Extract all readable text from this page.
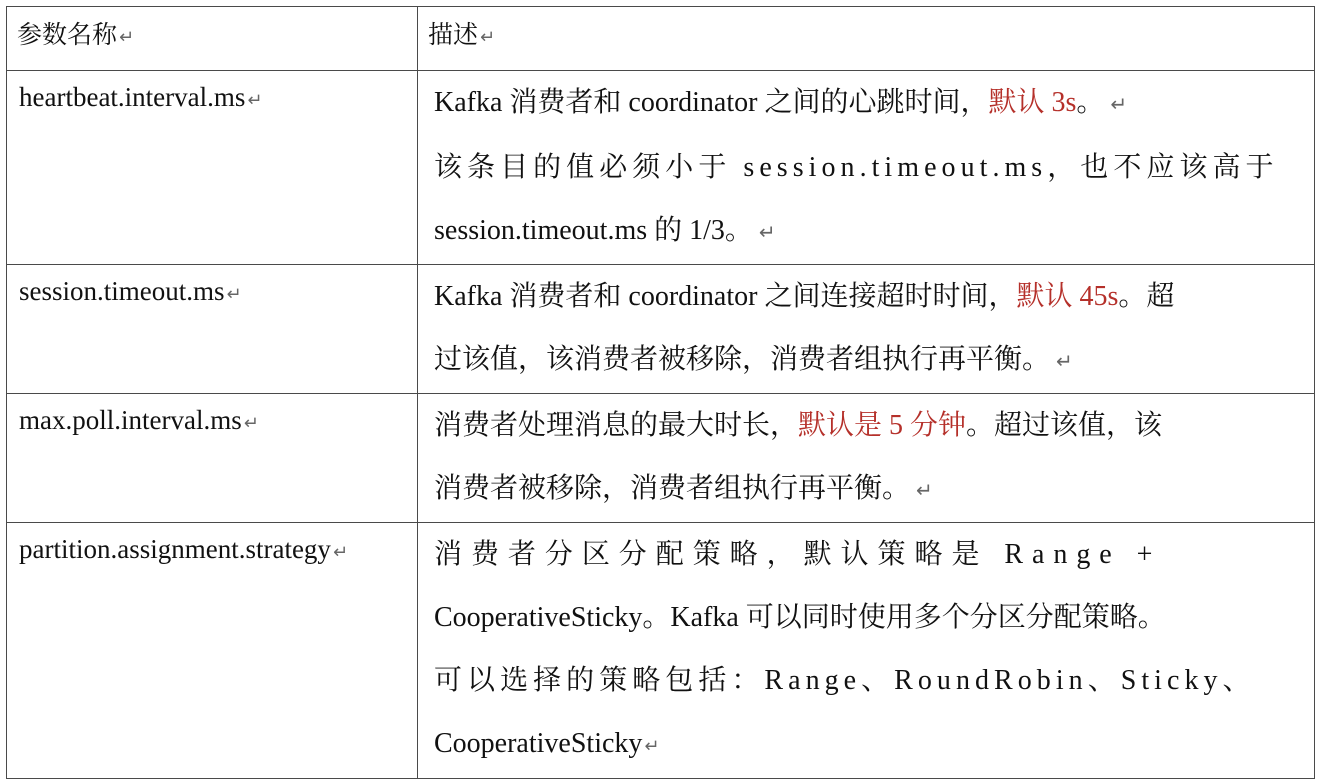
参数名称 ↵	描述 ↵
heartbeat.interval.ms ↵	Kafka 消费者和 coordinator 之间的心跳时间，默认 3s。 ↵
该条目的值必须小于 session.timeout.ms，也不应该高于
session.timeout.ms 的 1/3。 ↵

session.timeout.ms ↵	Kafka 消费者和 coordinator 之间连接超时时间，默认 45s。超
过该值，该消费者被移除，消费者组执行再平衡。 ↵

max.poll.interval.ms ↵	消费者处理消息的最大时长，默认是 5 分钟。超过该值，该
消费者被移除，消费者组执行再平衡。 ↵

partition.assignment.strategy ↵	消费者分区分配策略，默认策略是 Range +
CooperativeSticky。Kafka 可以同时使用多个分区分配策略。
可以选择的策略包括：Range、RoundRobin、Sticky、
CooperativeSticky ↵
